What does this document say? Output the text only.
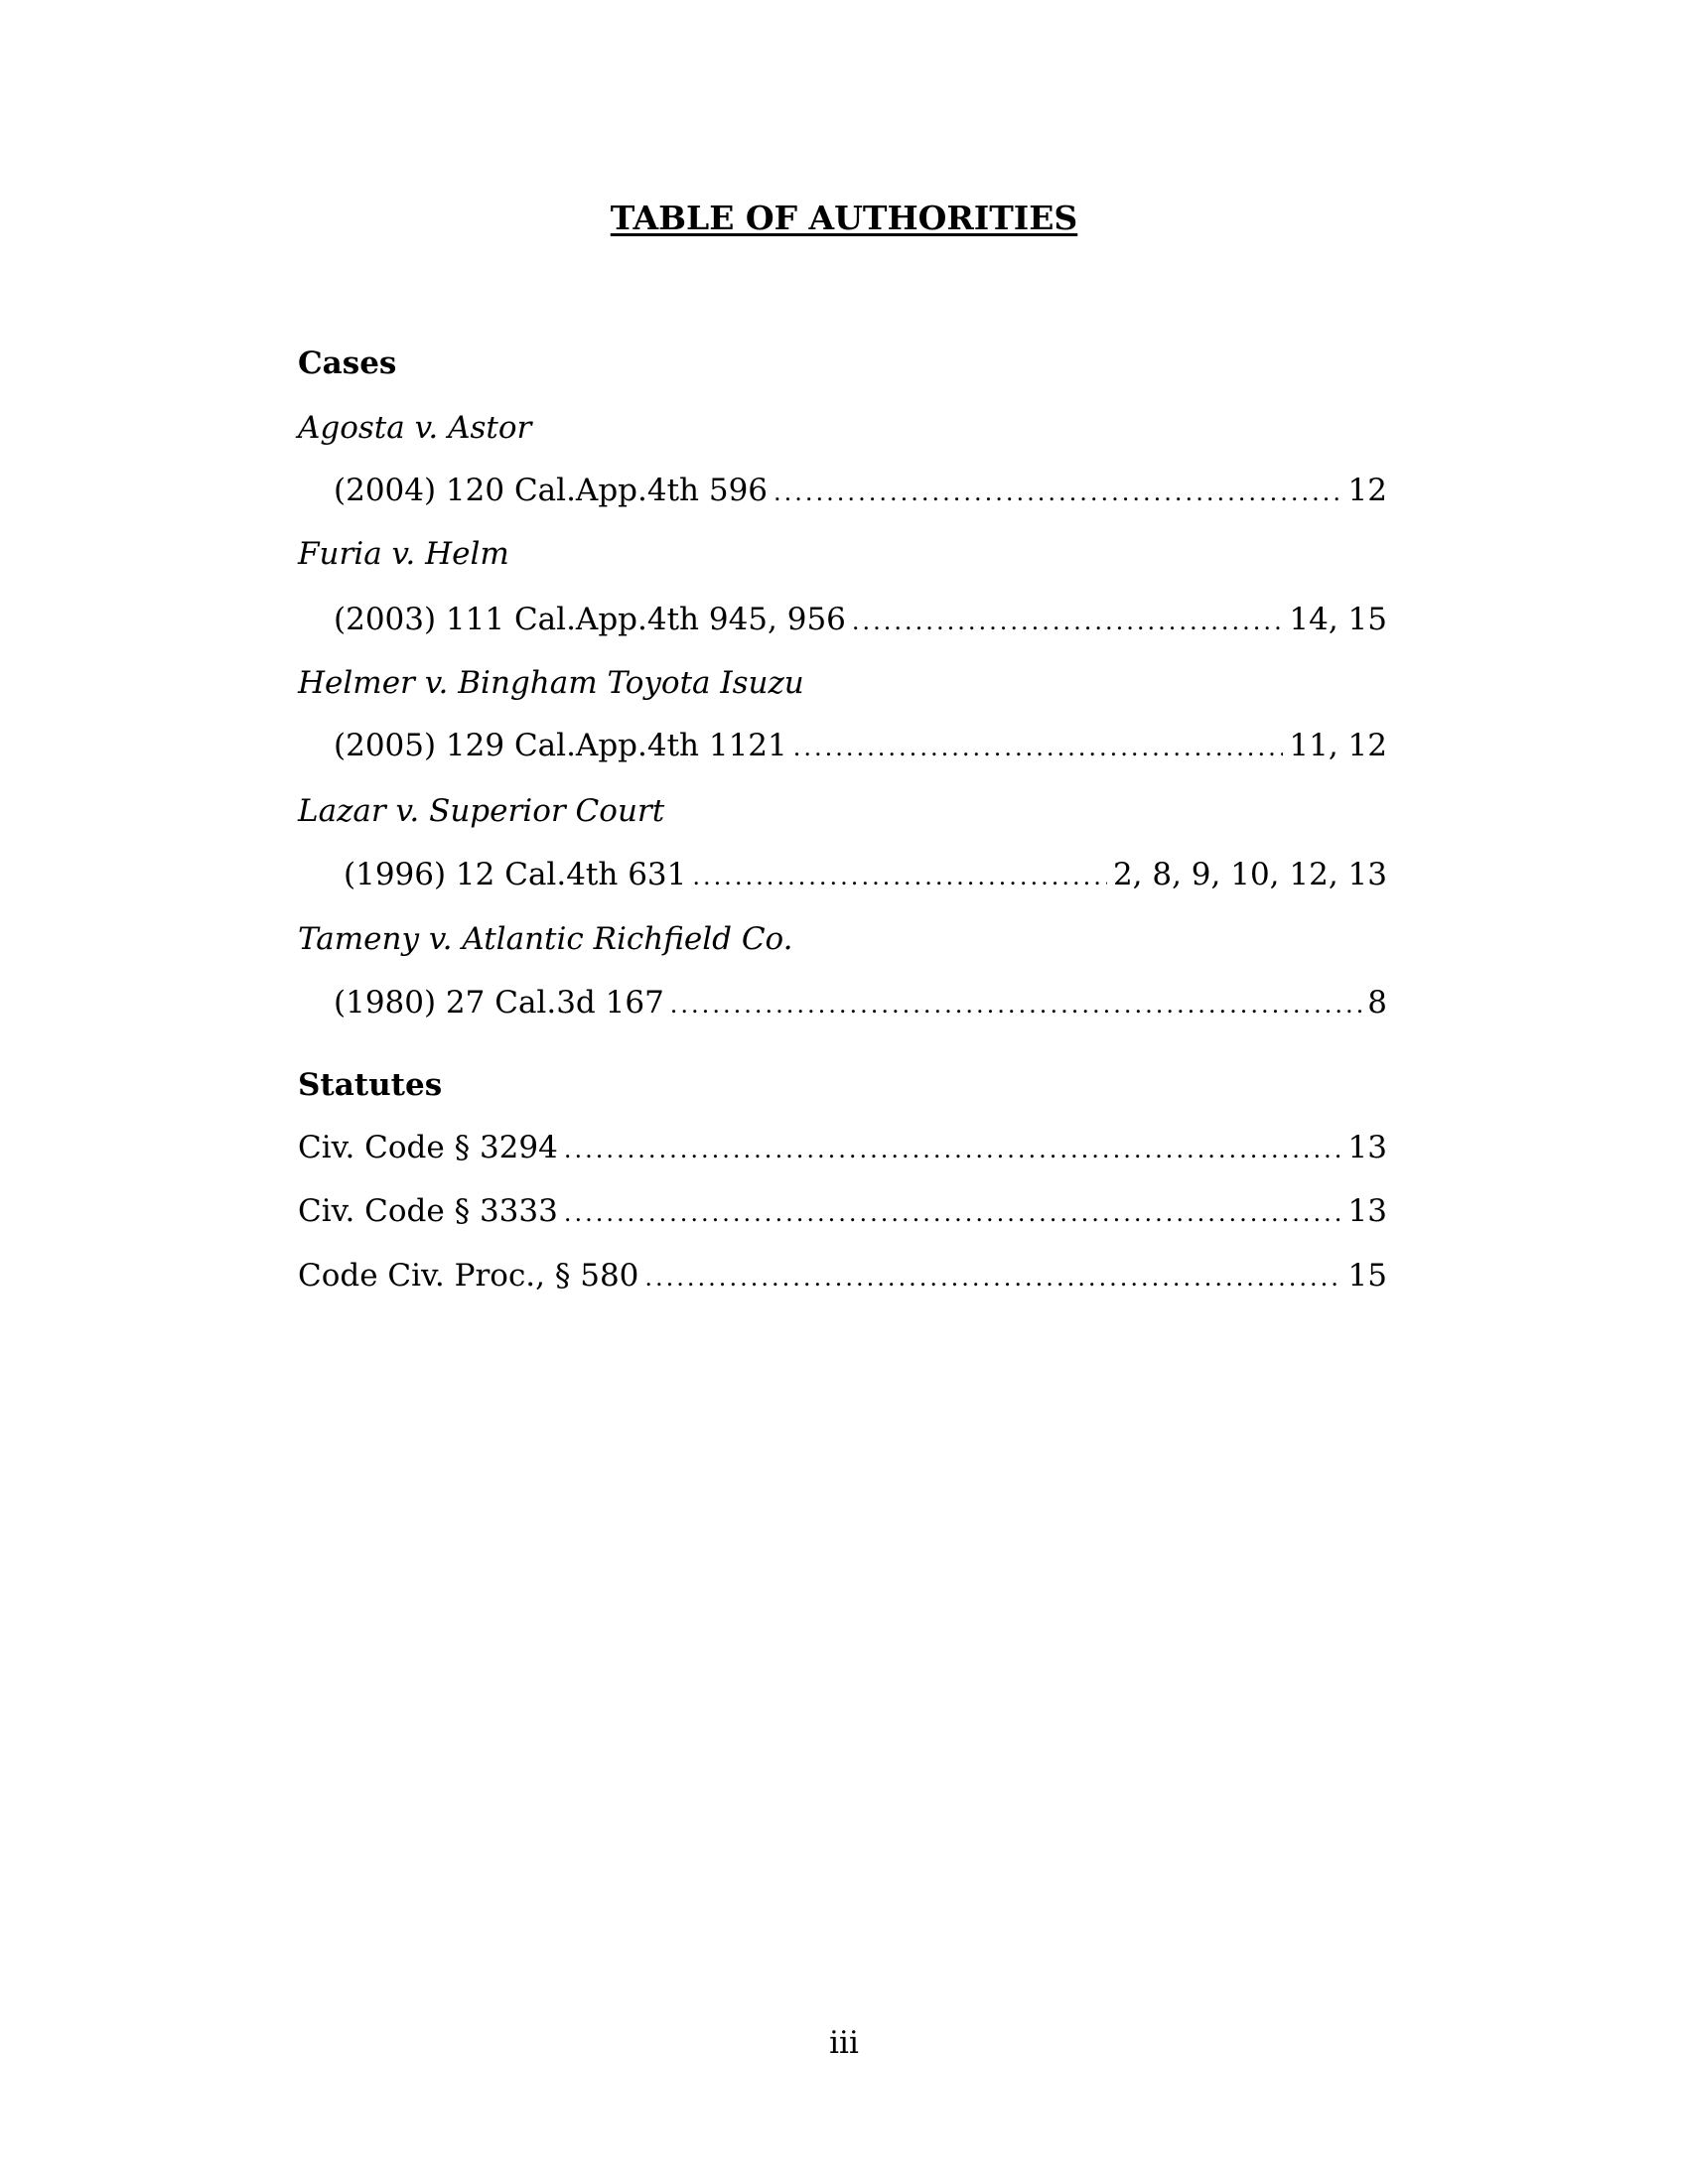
TABLE OF AUTHORITIES
Cases
Agosta v. Astor
(2004) 120 Cal.App.4th 596 .....	12
Furia v. Helm
(2003) 111 Cal.App.4th 945, 956 .....	14, 15
Helmer v. Bingham Toyota Isuzu
(2005) 129 Cal.App.4th 1121 .....	11, 12
Lazar v. Superior Court
(1996) 12 Cal.4th 631 .....	2, 8, 9, 10, 12, 13
Tameny v. Atlantic Richfield Co.
(1980) 27 Cal.3d 167 .....	8
Statutes
Civ. Code § 3294 .....	13
Civ. Code § 3333 .....	13
Code Civ. Proc., § 580 .....	15
iii
